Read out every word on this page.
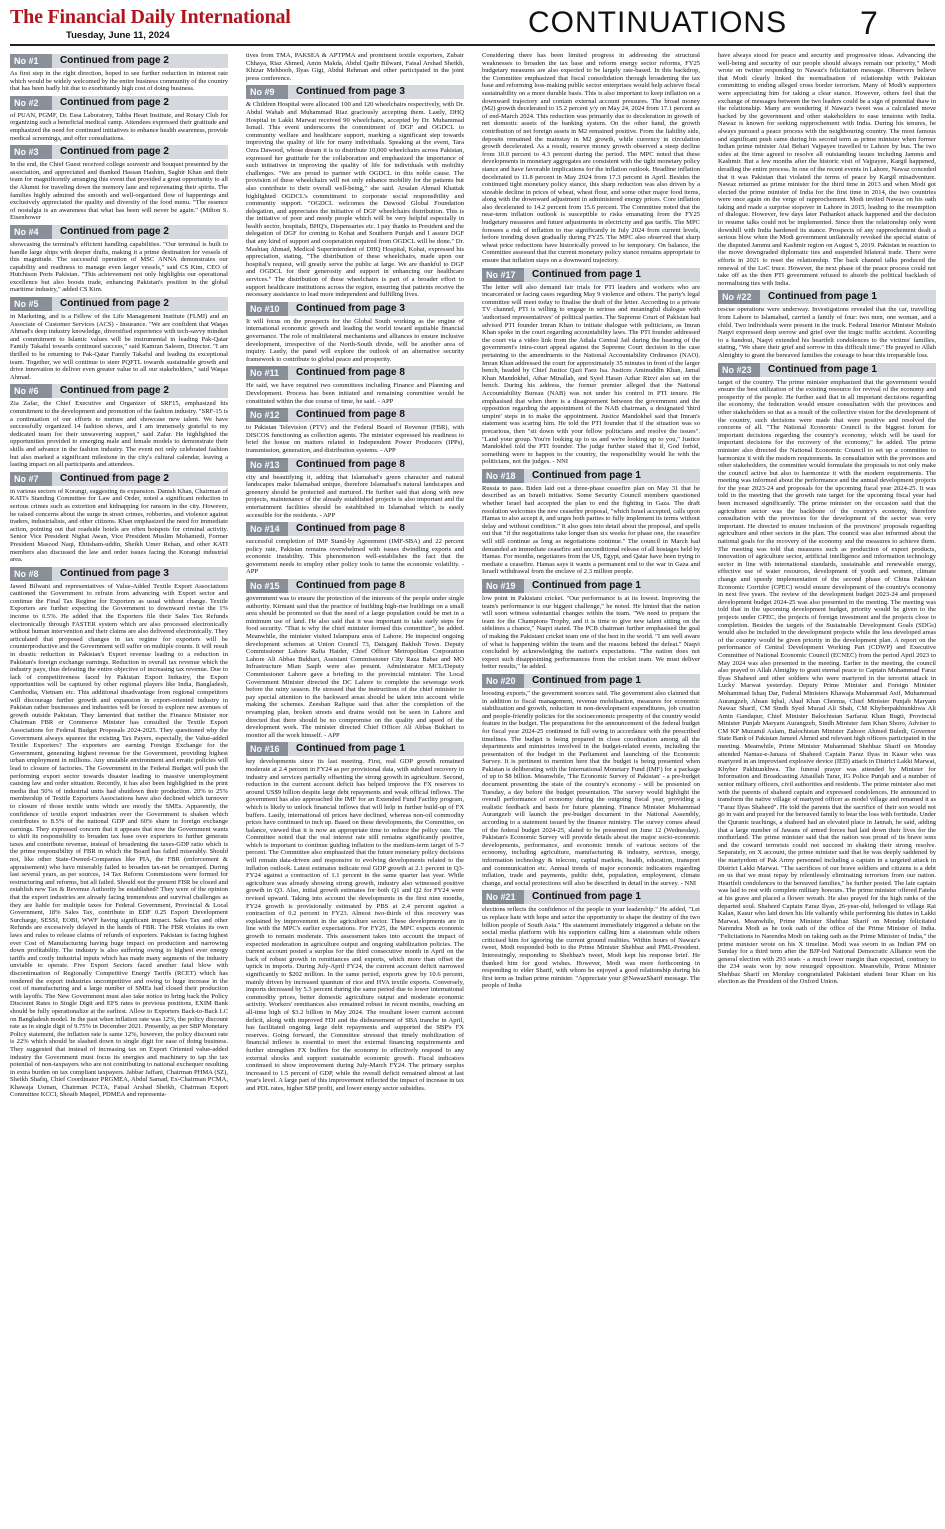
The Financial Daily International
Tuesday, June 11, 2024	CONTINUATIONS 7
No #1	Continued from page 2
As first step in the right direction, hoped to see further reduction in interest rate which would be widely welcomed by the entire business community of the country that has been badly hit due to exorbitantly high cost of doing business.
No #2	Continued from page 2
of PUAN, PGMF, Dr. Essa Laboratory, Tabba Heart Institute, and Rotary Club for organizing such a beneficial medical camp. Attendees expressed their gratitude and emphasized the need for continued initiatives to enhance health awareness, provide medical screenings, and offer consultations.
No #3	Continued from page 2
In the end, the Chief Guest received college souvenir and bouquet presented by the association, and appreciated and thanked Hassan Hashim, Saghir Khan and their team for magnificently arranging this event that provided a great opportunity to all the Alumni for traveling down the memory lane and rejuvenating their spirits. The families highly admired the smooth and well-organised flow of happenings and exclusively appreciated the quality and diversity of the food menu. "The essence of nostalgia is an awareness that what has been will never be again." (Milton S. Eisenhower
No #4	Continued from page 2
showcasing the terminal's efficient handling capabilities. "Our terminal is built to handle large ships with deeper drafts, making it a prime destination for vessels of this magnitude. The successful operation of MSC ANNA demonstrates our capability and readiness to manage even larger vessels," said CS Kim, CEO of Hutchison Ports Pakistan. "This achievement not only highlights our operational excellence but also boosts trade, enhancing Pakistan's position in the global maritime industry," added CS Kim.
No #5	Continued from page 2
in Marketing, and is a Fellow of the Life Management Institute (FLMI) and an Associate of Customer Services (ACS) - Insurance. "We are confident that Waqas Ahmad's deep industry knowledge, diversified experience with tech-savvy mindset and commitment to Islamic values will be instrumental in leading Pak-Qatar Family Takaful towards continued success," said Kamran Saleem, Director. "I am thrilled to be returning to Pak-Qatar Family Takaful and leading its exceptional team. Together, we will continue to steer PQFTL towards sustainable growth and drive innovation to deliver even greater value to all our stakeholders," said Waqas Ahmad.
No #6	Continued from page 2
Zia Zafar, the Chief Executive and Organizer of SRF15, emphasized his commitment to the development and promotion of the fashion industry. "SRF-15 is a continuation of our efforts to nurture and showcase new talent. We have successfully organized 14 fashion shows, and I am immensely grateful to my dedicated team for their unwavering support," said Zafar. He highlighted the opportunities provided to emerging male and female models to demonstrate their skills and advance in the fashion industry. The event not only celebrated fashion but also marked a significant milestone in the city's cultural calendar, leaving a lasting impact on all participants and attendees.
No #7	Continued from page 2
in various sectors of Korangi, suggesting its expansion. Danish Khan, Chairman of KATI's Standing Committee for Law and Order, noted a significant reduction in serious crimes such as extortion and kidnapping for ransom in the city. However, he raised concerns about the surge in street crimes, robberies, and violence against traders, industrialists, and other citizens. Khan emphasized the need for immediate action, pointing out that roadside hotels are often hotspots for criminal activity. Senior Vice President Nighat Awan, Vice President Muslim Mohamedi, Former President Masood Naqi, Ehtisham-uddin, Sheikh Umer Rehan, and other KATI members also discussed the law and order issues facing the Korangi industrial area.
No #8	Continued from page 3
Jawed Bilwani and representatives of Value-Added Textile Export Associations cautioned the Government to refrain from advancing with Export sector and continue the Final Tax Regime for Exporters as usual without change. Textile Exporters are further expecting the Government to downward revise the 1% income to 0.5%. He added that the Exporters file their Sales Tax Refunds electronically through FASTER system which are also processed electronically without human intervention and their claims are also delivered electronically. They articulated that proposed changes in tax regime for exporters will be counterproductive and the Government will suffer on multiple counts. It will result in drastic reduction in Pakistan's Export revenue leading to a reduction in Pakistan's foreign exchange earnings. Reduction in overall tax revenue which the industry pays, thus defeating the entire objective of increasing tax revenue. Due to lack of competitiveness faced by Pakistan Export Industry, the Export opportunities will be captured by other regional players like India, Bangladesh, Cambodia, Vietnam etc. This additional disadvantage from regional competitors will discourage further growth and expansion in export-oriented industry in Pakistan rather businesses and industries will be forced to explore new avenues of growth outside Pakistan. They lamented that neither the Finance Minister nor Chairman FBR or Commerce Minister has consulted the Textile Export Associations for Federal Budget Proposals 2024-2025. They questioned why the Government always squeeze the existing Tax Payers, especially, the Value-added Textile Exporters? The exporters are earning Foreign Exchange for the Government, generating highest revenue for the Government, providing highest urban employment in millions. Any unstable environment and erratic policies will lead to closure of factories. The Government in the Federal Budget will push the performing export sector towards disaster leading to massive unemployment causing law and order situation. Recently, it has also been highlighted in the print media that 50% of industrial units had shutdown their production. 20% to 25% membership of Textile Exporters Associations have also declined which turnover to closure of those textile units which are mostly the SMEs. Apparently, the confidence of textile export industries over the Government is shaken which contributes to 8.5% of the national GDP and 60% share in foreign exchange earnings. They expressed concern that it appears that now the Government wants to shift its responsibility to broaden tax base over exporters to further generate taxes and contribute revenue, instead of broadening the taxes-GDP ratio which is the prime responsibility of FBR in which the Board has failed miserably. Should not, like other State-Owned-Companies like PIA, the FBR (enforcement & appraisement) who have miserably failed to broaden tax-net be revamped. During last several years, as per sources, 14 Tax Reform Commissions were formed for restructuring and reforms, but all failed. Should not the present FBR be closed and establish new Tax & Revenue Authority be established? They were of the opinion that the export industries are already facing tremendous and survival challenges as they are liable for multiple taxes for Federal Government, Provincial & Local Government, 18% Sales Tax, contribute in EDF 0.25 Export Development Surcharge, SESSI, EOBI, WWF having significant impact. Sales Tax and other Refunds are excessively delayed in the hands of FBR. The FBR violates its own laws and rules to release claims of refunds of exporters. Pakistan is facing highest ever Cost of Manufacturing having huge impact on production and narrowing down profitability. The industry is also suffering owing to highest ever energy tariffs and costly industrial inputs which has made many segments of the industry unviable to operate. Five Export Sectors faced another fatal blow with discontinuation of Regionally Competitive Energy Tariffs (RCET) which has rendered the export industries uncompetitive and owing to huge increase in the cost of manufacturing and a large number of SMEs had closed their production with layoffs. The New Government must also take notice to bring back the Policy Discount Rates to Single Digit and EFS rates to previous positions, EXIM Bank should be fully operationalize at the earliest. Allow to Exporters Back-to-Back LC on Bangladesh model. In the past when inflation rate was 12%, the policy discount rate as in single digit of 9.75% in December 2021. Presently, as per SBP Monetary Policy statement, the inflation rate is same 12%, however, the policy discount rate is 22% which should be slashed down to single digit for ease of doing business. They suggested that instead of increasing tax on Export Oriented value-added industry the Government must focus its energies and machinery to tap the tax potential of non-taxpayers who are not contributing to national exchequer resulting in extra burden on tax compliant taxpayers. Jabbar Jaffani, Chairman PHMA (SZ), Sheikh Shafiq, Chief Coordinator PRGMEA, Abdul Samad, Ex-Chairman PCMA, Khawaja Usman, Chairman PCTA, Faisal Arshad Sheikh, Chairman Export Committee KCCI, Shoaib Maqeel, PDMEA and representa-
tives from TMA, PAKSEA & APTPMA and prominent textile exporters, Zubair Chhaya, Riaz Ahmed, Amin Makda, Abdul Qadir Bilwani, Faisal Arshad Sheikh, Khizar Mehboob, Ilyas Gigi, Abdul Rehman and other participated in the joint press conference.
No #9	Continued from page 3
& Children Hospital were allocated 100 and 120 wheelchairs respectively, with Dr. Abdul Wahab and Muhammad Riaz graciously accepting them. Lastly, DHQ Hospital in Lakki Marwat received 90 wheelchairs, accepted by Dr. Muhammad Ismail. This event underscores the commitment of DGF and OGDCL to community welfare and healthcare support, marking a significant step towards improving the quality of life for many individuals. Speaking at the event, Tara Ozra Dawood, whose dream it is to distribute 10,000 wheelchairs across Pakistan, expressed her gratitude for the collaboration and emphasized the importance of such initiatives in improving the quality of life for individuals with mobility challenges. "We are proud to partner with OGDCL in this noble cause. The provision of these wheelchairs will not only enhance mobility for the patients but also contribute to their overall well-being," she said. Arsalan Ahmad Khattak highlighted OGDCL's commitment to corporate social responsibility and community support. "OGDCL welcomes the Dawood Global Foundation delegation, and appreciates the initiative of DGF wheelchairs distribution. This is the initiative of poor and needy people which will be very helpful especially in health sector, hospitals, BHQ's, Dispensaries etc. I pay thanks to President and the delegation of DGF for coming to Kohat and Southern Punjab and I assure DGF that any kind of support and cooperation required from OGDCL will be done." Dr. Mashtaq Ahmad, Medical Superintendent of DHQ Hospital, Kohat, expressed his appreciation, stating, "The distribution of these wheelchairs, made upon our hospital's request, will greatly serve the public at large. We are thankful to DGF and OGDCL for their generosity and support in enhancing our healthcare services." The distribution of these wheelchairs is part of a broader effort to support healthcare institutions across the region, ensuring that patients receive the necessary assistance to lead more independent and fulfilling lives.
No #10	Continued from page 3
It will focus on the prospects for the Global South working as the engine of international economic growth and leading the world toward equitable financial governance. The role of multilateral mechanisms and alliances to ensure inclusive development, irrespective of the North-South divide, will be another area of inquiry. Lastly, the panel will explore the outlook of an alternative security framework to contribute to global peace and prosperity.
No #11	Continued from page 8
He said, we have required two committees including Finance and Planning and Development. Process has been initiated and remaining committee would be constituted within the due course of time, he said. - APP
No #12	Continued from page 8
to Pakistan Television (PTV) and the Federal Board of Revenue (FBR), with DISCOS functioning as collection agents. The minister expressed his readiness to brief the house on matters related to Independent Power Producers (IPPs), transmission, generation, and distribution systems. - APP
No #13	Continued from page 8
city and beautifying it, adding that Islamabad's green character and natural landscapes make Islamabad unique, therefore Islamabad's natural landscapes and greenery should be protected and nurtured. He further said that along with new projects, maintenance of the already established projects is also important and the entertainment facilities should be established in Islamabad which is easily accessible for the residents. - APP
No #14	Continued from page 8
successful completion of IMF Stand-by Agreement (IMF-SBA) and 22 percent policy rate, Pakistan remains overwhelmed with issues dwindling exports and economic instability. This phenomenon well-establishes the fact that the government needs to employ other policy tools to tame the economic volatility. - APP
No #15	Continued from page 8
government was to ensure the protection of the interests of the people under single authority. Kirmani said that the practice of building high-rise buildings on a small area should be promoted so that the need of a large population could be met in a minimum use of land. He also said that it was important to take early steps for food security. "That is why the chief minister formed this committee", he added. Meanwhile, the minister visited Islampura area of Lahore. He inspected ongoing development schemes at Union Council 73, Dataganj Bakhsh Town. Deputy Commissioner Lahore Rafia Haider, Chief Officer Metropolitan Corporation Lahore Ali Abbas Bukhari, Assistant Commissioner City Raza Babar and MO Infrastructure Mian Saqib were also present. Administrator MCL/Deputy Commissioner Lahore gave a briefing to the provincial minister. The Local Government Minister directed the DC Lahore to complete the sewerage work before the rainy season. He stressed that the instructions of the chief minister to pay special attention to the backward areas should be taken into account while making the schemes. Zeeshan Rafique said that after the completion of the revamping plan, broken streets and drains would not be seen in Lahore and directed that there should be no compromise on the quality and speed of the development work. The minister directed Chief Officer Ali Abbas Bukhari to monitor all the work himself. - APP
No #16	Continued from page 1
key developments since its last meeting. First, real GDP growth remained moderate at 2.4 percent in FY24 as per provisional data, with subdued recovery in industry and services partially offsetting the strong growth in agriculture. Second, reduction in the current account deficit has helped improve the FX reserves to around US$9 billion despite large debt repayments and weak official inflows. The government has also approached the IMF for an Extended Fund Facility program, which is likely to unlock financial inflows that will help in further build-up of FX buffers. Lastly, international oil prices have declined, whereas non-oil commodity prices have continued to inch up. Based on these developments, the Committee, on balance, viewed that it is now an appropriate time to reduce the policy rate. The Committee noted that the real interest rate still remains significantly positive, which is important to continue guiding inflation to the medium-term target of 5-7 percent. The Committee also emphasized that the future monetary policy decisions will remain data-driven and responsive to evolving developments related to the inflation outlook. Latest estimates indicate real GDP growth at 2.1 percent in Q3-FY24 against a contraction of 1.1 percent in the same quarter last year. While agriculture was already showing strong growth, industry also witnessed positive growth in Q3. Also, initial growth estimates for both Q1 and Q2 for FY24 were revised upward. Taking into account the developments in the first nine months, FY24 growth is provisionally estimated by PBS at 2.4 percent against a contraction of 0.2 percent in FY23. Almost two-thirds of this recovery was explained by improvement in the agriculture sector. These developments are in line with the MPC's earlier expectations. For FY25, the MPC expects economic growth to remain moderate. This assessment takes into account the impact of expected moderation in agriculture output and ongoing stabilization policies. The current account posted a surplus for the third consecutive month in April on the back of robust growth in remittances and exports, which more than offset the uptick in imports. During July-April FY24, the current account deficit narrowed significantly to $202 million. In the same period, exports grew by 10.6 percent, mainly driven by increased quantum of rice and HVA textile exports. Conversely, imports decreased by 5.3 percent during the same period due to lower international commodity prices, better domestic agriculture output and moderate economic activity. Workers' remittances also remained robust in recent months, reaching an all-time high of $3.2 billion in May 2024. The resultant lower current account deficit, along with improved FDI and the disbursement of SBA tranche in April, has facilitated ongoing large debt repayments and supported the SBP's FX reserves. Going forward, the Committee stressed that timely mobilization of financial inflows is essential to meet the external financing requirements and further strengthen FX buffers for the economy to effectively respond to any external shocks and support sustainable economic growth. Fiscal indicators continued to show improvement during July-March FY24. The primary surplus increased to 1.5 percent of GDP, while the overall deficit remained almost at last year's level. A large part of this improvement reflected the impact of increase in tax and PDL rates, higher SBP profit, and lower energy sector subsidies.
Considering there has been limited progress in addressing the structural weaknesses to broaden the tax base and reform energy sector reforms, FY25 budgetary measures are also expected to be largely rate-based. In this backdrop, the Committee emphasized that fiscal consolidation through broadening the tax base and reforming loss-making public sector enterprises would help achieve fiscal sustainability on a more durable basis. This is also important to keep inflation on a downward trajectory and contain external account pressures. The broad money (M2) growth decelerated to 15.2 percent y/y on May 24, 2024 from 17.1 percent as of end-March 2024. This reduction was primarily due to deceleration in growth of net domestic assets of the banking system. On the other hand, the growth contribution of net foreign assets in M2 remained positive. From the liability side, deposits remained the mainstay in M2 growth, while currency in circulation growth decelerated. As a result, reserve money growth observed a steep decline from 10.0 percent to 4.3 percent during the period. The MPC noted that these developments in monetary aggregates are consistent with the tight monetary policy stance and have favorable implications for the inflation outlook. Headline inflation decelerated to 11.8 percent in May 2024 from 17.3 percent in April. Besides the continued tight monetary policy stance, this sharp reduction was also driven by a sizeable decline in prices of wheat, wheat flour, and some other major food items, along with the downward adjustment in administered energy prices. Core inflation also decelerated to 14.2 percent from 15.6 percent. The Committee noted that the near-term inflation outlook is susceptible to risks emanating from the FY25 budgetary measures and future adjustments in electricity and gas tariffs. The MPC foresees a risk of inflation to rise significantly in July 2024 from current levels, before trending down gradually during FY25. The MPC also observed that sharp wheat price reductions have historically proved to be temporary. On balance, the Committee assessed that the current monetary policy stance remains appropriate to ensure that inflation stays on a downward trajectory.
No #17	Continued from page 1
The letter will also demand fair trials for PTI leaders and workers who are incarcerated or facing cases regarding May 9 violence and others. The party's legal committee will meet today to finalise the draft of the letter. According to a private TV channel, PTI is willing to engage in serious and meaningful dialogue with 'authorised representatives' of political parties. The Supreme Court of Pakistan had advised PTI founder Imran Khan to initiate dialogue with politicians, as Imran Khan spoke in the court regarding accountability laws. The PTI founder addressed the court via a video link from the Adiala Central Jail during the hearing of the government's intra-court appeal against the Supreme Court decision in the case pertaining to the amendments to the National Accountability Ordinance (NAO). Imran Khan addressed the court for approximately 35 minutes in front of the larger bench, headed by Chief Justice Qazi Faez Isa. Justices Aminuddin Khan, Jamal Khan Mandokhel, Athar Minallah, and Syed Hasan Azhar Rizvi also sat on the bench. During his address, the former premier alleged that the National Accountability Bureau (NAB) was not under his control in PTI tenure. He emphasised that when there is a disagreement between the government and the opposition regarding the appointment of the NAB chairman, a designated 'third umpire' steps in to make the appointment. Justice Mandokhel said that Imran's statement was scaring him. He told the PTI founder that if the situation was so precarious, then "sit down with your fellow politicians and resolve the issues". "Land your group. You're looking up to us and we're looking up to you," Justice Mandokhel told the PTI founder. The judge further stated that if, God forbid, something were to happen to the country, the responsibility would lie with the politicians, not the judges. - NNI
No #18	Continued from page 1
Russia to pass. Biden laid out a three-phase ceasefire plan on May 31 that he described as an Israeli initiative. Some Security Council members questioned whether Israel had accepted the plan to end the fighting in Gaza. The draft resolution welcomes the new ceasefire proposal, "which Israel accepted, calls upon Hamas to also accept it, and urges both parties to fully implement its terms without delay and without condition." It also goes into detail about the proposal, and spells out that "if the negotiations take longer than six weeks for phase one, the ceasefire will still continue as long as negotiations continue." The council in March had demanded an immediate ceasefire and unconditional release of all hostages held by Hamas. For months, negotiators from the US, Egypt, and Qatar have been trying to mediate a ceasefire. Hamas says it wants a permanent end to the war in Gaza and Israeli withdrawal from the enclave of 2.3 million people.
No #19	Continued from page 1
low point in Pakistani cricket. "Our performance is at its lowest. Improving the team's performance is our biggest challenge," he noted. He hinted that the nation will soon witness substantial changes within the team. "We need to prepare the team for the Champions Trophy, and it is time to give new talent sitting on the sidelines a chance," Naqvi stated. The PCB chairman further emphasised the goal of making the Pakistani cricket team one of the best in the world. "I am well aware of what is happening within the team and the reasons behind the defeat." Naqvi concluded by acknowledging the nation's expectations. "The nation does not expect such disappointing performances from the cricket team. We must deliver better results," he added.
No #20	Continued from page 1
boosting exports," the government sources said. The government also claimed that in addition to fiscal management, revenue mobilisation, measures for economic stabilization and growth, reduction in non-development expenditures, job creation and people-friendly policies for the socioeconomic prosperity of the country would feature in the budget. The preparations for the announcement of the federal budget for fiscal year 2024-25 continued in full swing in accordance with the prescribed timelines. The budget is being prepared in close coordination among all the departments and ministries involved in the budget-related events, including the presentation of the budget in the Parliament and launching of the Economic Survey. It is pertinent to mention here that the budget is being presented when Pakistan is deliberating with the International Monetary Fund (IMF) for a package of up to $8 billion. Meanwhile, 'The Economic Survey of Pakistan' - a pre-budget document presenting the state of the country's economy - will be presented on Tuesday, a day before the budget presentation. The survey would highlight the overall performance of economy during the outgoing fiscal year, providing a realistic feedback and basis for future planning. Finance Minister Muhammad Aurangzeb will launch the pre-budget document in the National Assembly, according to a statement issued by the finance ministry. The survey comes ahead of the federal budget 2024-25, slated to be presented on June 12 (Wednesday). Pakistan's Economic Survey will provide details about the major socio-economic developments, performance, and economic trends of various sectors of the economy, including agriculture, manufacturing & industry, services, energy, information technology & telecom, capital markets, health, education, transport and communication etc. Annual trends of major economic indicators regarding inflation, trade and payments, public debt, population, employment, climate change, and social protections will also be described in detail in the survey. - NNI
No #21	Continued from page 1
elections reflects the confidence of the people in your leadership." He added, "Let us replace hate with hope and seize the opportunity to shape the destiny of the two billion people of South Asia." His statement immediately triggered a debate on the social media platform with his supporters calling him a statesman while others criticised him for ignoring the current ground realities. Within hours of Nawaz's tweet, Modi responded both to the Prime Minister Shehbaz and PML-President. Interestingly, responding to Shehbaz's tweet, Modi kept his response brief. He thanked him for good wishes. However, Modi was more forthcoming in responding to elder Sharif, with whom he enjoyed a good relationship during his first term as Indian prime minister. "Appreciate your @NawazSharif message. The people of India
have always stood for peace and security and progressive ideas. Advancing the well-being and security of our people should always remain our priority," Modi wrote on twitter responding to Nawaz's felicitation message. Observers believe that Modi clearly linked the normalisation of relationship with Pakistan committing to ending alleged cross border terrorism. Many of Modi's supporters were appreciating him for taking a clear stance. However, others feel that the exchange of messages between the two leaders could be a sign of potential thaw in the relationship. Many are wondering if Nawaz's tweet was a calculated move backed by the government and other stakeholders to ease tensions with India. Nawaz is known for seeking rapprochement with India. During his tenures, he always pursued a peace process with the neighbouring country. The most famous and significant push came during his second term as prime minister when former Indian prime minister Atal Behari Vajpayee travelled to Lahore by bus. The two sides at the time agreed to resolve all outstanding issues including Jammu and Kashmir. But a few months after the historic visit of Vajpayee, Kargil happened, derailing the entire process. In one of the recent events in Lahore, Nawaz conceded that it was Pakistan that violated the terms of peace by Kargil misadventure. Nawaz returned as prime minister for the third time in 2013 and when Modi got elected the prime minister of India for the first time in 2014, the two countries were once again on the verge of rapprochement. Modi invited Nawaz on his oath taking and made a surprise stopover in Lahore in 2015, leading to the resumption of dialogue. However, few days later Pathankot attack happened and the decision to resume talks could not be implemented. Since then the relationship only went downhill with India hardened its stance. Prospects of any rapprochement dealt a serious blow when the Modi government unilaterally revoked the special status of the disputed Jammu and Kashmir region on August 5, 2019. Pakistan in reaction to the move downgraded diplomatic ties and suspended bilateral trade. There were efforts in 2021 to reset the relationship. The back channel talks produced the renewal of the LoC truce. However, the next phase of the peace process could not take off as the then PTI government refused to absorb the political backlash of normalising ties with India.
No #22	Continued from page 1
rescue operations were underway. Investigations revealed that the car, travelling from Lahore to Islamabad, carried a family of four: two men, one woman, and a child. Two individuals were present in the truck. Federal Interior Minister Mohsin Naqvi expressed deep sorrow and grief over the tragic traffic accident. According to a handout, Naqvi extended his heartfelt condolences to the victims' families, stating, "We share their grief and sorrow in this difficult time." He prayed to Allah Almighty to grant the bereaved families the courage to bear this irreparable loss.
No #23	Continued from page 1
target of the country. The prime minister emphasized that the government would ensure the best utilization of the existing resource for revival of the economy and prosperity of the people. He further said that in all important decisions regarding the economy, the federation would ensure consultation with the provinces and other stakeholders so that as a result of the collective vision for the development of the country, such decisions were made that were positive and resolved the concerns of all. "The National Economic Council is the biggest forum for important decisions regarding the country's economy, which will be used for important decisions for the recovery of the economy," he added. The prime minister also directed the National Economic Council to set up a committee to harmonize it with the modern requirements. In consultation with the provinces and other stakeholders, the committee would formulate the proposals to not only make the council active but also to harmonize it with the modern requirements. The meeting was informed about the performance and the annual development projects for the year 2023-24 and proposals for the upcoming fiscal year 2024-25. It was told in the meeting that the growth rate target for the upcoming fiscal year had been increased significantly. The prime minister on the occasion said that the agriculture sector was the backbone of the country's economy, therefore consultation with the provinces for the development of the sector was very important. He directed to ensure inclusion of the provinces' proposals regarding agriculture and other sectors in the plan. The council was also informed about the national goals for the recovery of the economy and the measures to achieve them. The meeting was told that measures such as production of export products, innovation of agriculture sector, artificial intelligence and information technology sector in line with international standards, sustainable and renewable energy, effective use of water resources, development of youth and women, climate change and speedy implementation of the second phase of China Pakistan Economic Corridor (CPEC) would ensure development of the country's economy in next five years. The review of the development budget 2023-24 and proposed development budget 2024-25 was also presented in the meeting. The meeting was told that in the upcoming development budget, priority would be given to the projects under CPEC, the projects of foreign investment and the projects close to completion. Besides the targets of the Sustainable Development Goals (SDGs) would also be included in the development projects while the less developed areas of the country would be given priority in the development plan. A report on the performance of Central Development Working Part (CDWP) and Executive Committee of National Economic Council (ECNEC) from the period April 2023 to May 2024 was also presented in the meeting. Earlier in the meeting, the council also prayed to Allah Almighty to grant eternal peace to Captain Muhammad Faraz Ilyas Shaheed and other soldiers who were martyred in the terrorist attack in Lucky Marwat yesterday. Deputy Prime Minister and Foreign Minister Mohammad Ishaq Dar, Federal Ministers Khawaja Muhammad Asif, Muhammad Aurangzeb, Ahsan Iqbal, Ahad Khan Cheema, Chief Minister Punjab Maryam Nawaz Sharif, CM Sindh Syed Murad Ali Shah, CM Khyberpakhtunkhwa Ali Amin Gandapur, Chief Minister Balochistan Sarfaraz Khan Bugti, Provincial Minister Punjab Maryam Aurangzeb, Sindh Minister Jam Khan Shoro, Adviser to CM KP Muzamil Aslam, Balochistan Minister Zahoor Ahmed Buledi, Governor State Bank of Pakistan Jameel Ahmed and relevant high officers participated in the meeting. Meanwhile, Prime Minister Muhammad Shehbaz Sharif on Monday attended Namaz-e-Janaza of Shaheed Captain Faraz Ilyas in Kasur who was martyred in an improvised explosive device (IED) attack in District Lakki Marwat, Khyber Pakhtunkhwa. The funeral prayer was attended by Minister for Information and Broadcasting Attaullah Tarar, IG Police Punjab and a number of senior military officers, civil authorities and residents. The prime minister also met with the parents of shaheed captain and expressed condolences. He announced to transform the native village of martyred officer as model village and renamed it as "Faraz Ilyas Shaheed". He told the parents that the sacrifice of their son would not go in vain and prayed for the bereaved family to bear the loss with fortitude. Under the Quranic teachings, a shaheed had an elevated place in Jannah, he said, adding that a large number of Jawans of armed forces had laid down their lives for the motherland. The prime minister said that the nation was proud of its brave sons and the coward terrorists could not succeed in shaking their strong resolve. Separately, on X account, the prime minister said that he was deeply saddened by the martyrdom of Pak Army personnel including a captain in a targeted attack in District Lakki Marwat. "The sacrifices of our brave soldiers and citizens is a debt on us that we must repay by relentlessly eliminating terrorism from our nation. Heartfelt condolences to the bereaved families," he further posted. The late captain was laid to rest with complete military honours. The prime minister offered Fateha at his grave and placed a flower wreath. He also prayed for the high ranks of the departed soul. Shaheed Captain Faraz Ilyas, 26-year-old, belonged to village Rai Kalan, Kasur who laid down his life valiantly while performing his duties in Lakki Marwat. Meanwhile, Prime Minister Shehbaz Sharif on Monday felicitated Narendra Modi as he took oath of the office of the Prime Minister of India. "Felicitations to Narendra Modi on taking oath as the Prime Minister of India," the prime minister wrote on his X timeline. Modi was sworn in as Indian PM on Sunday for a third term after the BJP-led National Democratic Alliance won the general election with 293 seats - a much lower margin than expected, contrary to the 234 seats won by now resurged opposition. Meanwhile, Prime Minister Shehbaz Sharif on Monday congratulated Pakistani student Israr Khan on his election as the President of the Oxford Union.
